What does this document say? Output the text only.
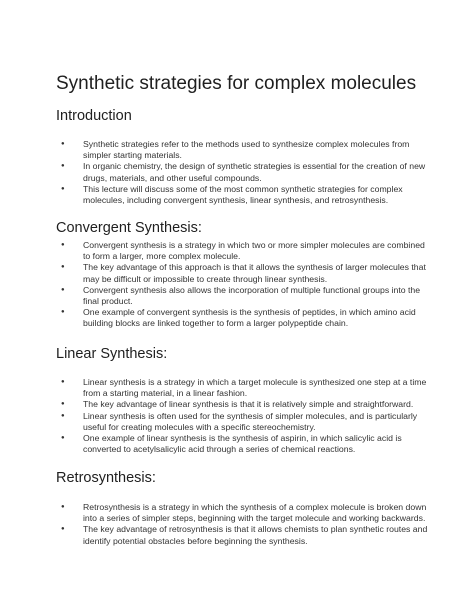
Synthetic strategies for complex molecules
Introduction
● Synthetic strategies refer to the methods used to synthesize complex molecules from simpler starting materials.
● In organic chemistry, the design of synthetic strategies is essential for the creation of new drugs, materials, and other useful compounds.
● This lecture will discuss some of the most common synthetic strategies for complex molecules, including convergent synthesis, linear synthesis, and retrosynthesis.
Convergent Synthesis:
● Convergent synthesis is a strategy in which two or more simpler molecules are combined to form a larger, more complex molecule.
● The key advantage of this approach is that it allows the synthesis of larger molecules that may be difficult or impossible to create through linear synthesis.
● Convergent synthesis also allows the incorporation of multiple functional groups into the final product.
● One example of convergent synthesis is the synthesis of peptides, in which amino acid building blocks are linked together to form a larger polypeptide chain.
Linear Synthesis:
● Linear synthesis is a strategy in which a target molecule is synthesized one step at a time from a starting material, in a linear fashion.
● The key advantage of linear synthesis is that it is relatively simple and straightforward.
● Linear synthesis is often used for the synthesis of simpler molecules, and is particularly useful for creating molecules with a specific stereochemistry.
● One example of linear synthesis is the synthesis of aspirin, in which salicylic acid is converted to acetylsalicylic acid through a series of chemical reactions.
Retrosynthesis:
● Retrosynthesis is a strategy in which the synthesis of a complex molecule is broken down into a series of simpler steps, beginning with the target molecule and working backwards.
● The key advantage of retrosynthesis is that it allows chemists to plan synthetic routes and identify potential obstacles before beginning the synthesis.
